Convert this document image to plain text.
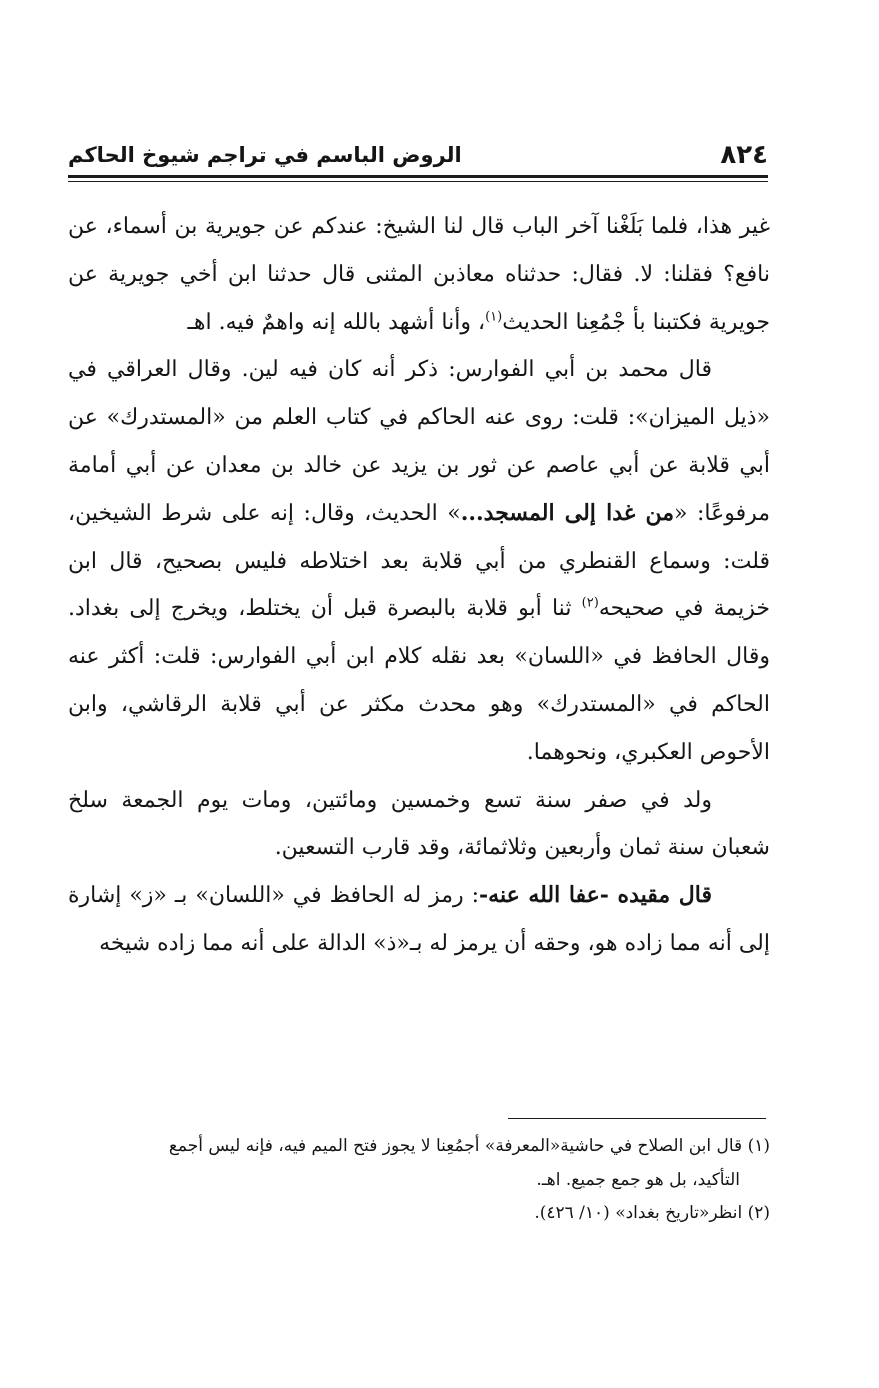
٨٢٤
الروض الباسم في تراجم شيوخ الحاكم

غير هذا، فلما بَلَغْنا آخر الباب قال لنا الشيخ: عندكم عن جويرية بن أسماء، عن نافع؟ فقلنا: لا. فقال: حدثناه معاذبن المثنى قال حدثنا ابن أخي جويرية عن جويرية فكتبنا بأ جْمُعِنا الحديث$^{(١)}$، وأنا أشهد بالله إنه واهمٌ فيه. اهـ

قال محمد بن أبي الفوارس: ذكر أنه كان فيه لين. وقال العراقي في «ذيل الميزان»: قلت: روى عنه الحاكم في كتاب العلم من «المستدرك» عن أبي قلابة عن أبي عاصم عن ثور بن يزيد عن خالد بن معدان عن أبي أمامة مرفوعًا: «من غدا إلى المسجد...» الحديث، وقال: إنه على شرط الشيخين، قلت: وسماع القنطري من أبي قلابة بعد اختلاطه فليس بصحيح، قال ابن خزيمة في صحيحه$^{(٢)}$ ثنا أبو قلابة بالبصرة قبل أن يختلط، ويخرج إلى بغداد. وقال الحافظ في «اللسان» بعد نقله كلام ابن أبي الفوارس: قلت: أكثر عنه الحاكم في «المستدرك» وهو محدث مكثر عن أبي قلابة الرقاشي، وابن الأحوص العكبري، ونحوهما.

ولد في صفر سنة تسع وخمسين ومائتين، ومات يوم الجمعة سلخ شعبان سنة ثمان وأربعين وثلاثمائة، وقد قارب التسعين.

قال مقيده -عفا الله عنه-: رمز له الحافظ في «اللسان» بـ «ز» إشارة إلى أنه مما زاده هو، وحقه أن يرمز له بـ«ذ» الدالة على أنه مما زاده شيخه

(١) قال ابن الصلاح في حاشية«المعرفة» أجمُعِنا لا يجوز فتح الميم فيه، فإنه ليس أجمع

التأكيد، بل هو جمع جميع. اهـ.

(٢) انظر«تاريخ بغداد» (١٠/ ٤٢٦).
